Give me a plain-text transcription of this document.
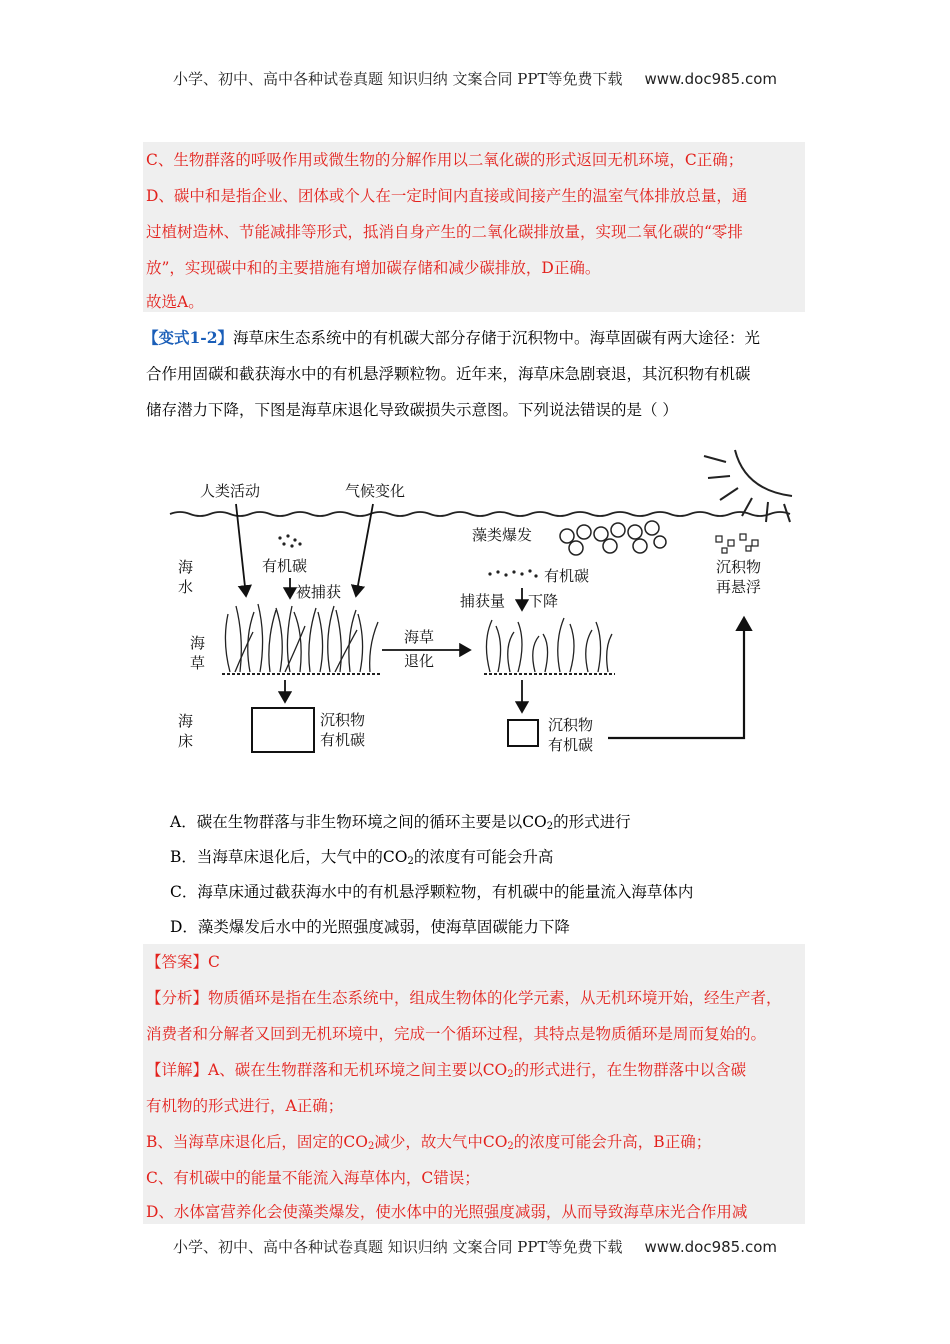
小学、初中、高中各种试卷真题 知识归纳 文案合同 PPT等免费下载 www.doc985.com
C、生物群落的呼吸作用或微生物的分解作用以二氧化碳的形式返回无机环境，C正确；
D、碳中和是指企业、团体或个人在一定时间内直接或间接产生的温室气体排放总量，通
过植树造林、节能减排等形式，抵消自身产生的二氧化碳排放量，实现二氧化碳的“零排
放”，实现碳中和的主要措施有增加碳存储和减少碳排放，D正确。
故选A。
【变式1-2】海草床生态系统中的有机碳大部分存储于沉积物中。海草固碳有两大途径：光
合作用固碳和截获海水中的有机悬浮颗粒物。近年来，海草床急剧衰退，其沉积物有机碳
储存潜力下降，下图是海草床退化导致碳损失示意图。下列说法错误的是（ ）
人类活动	气候变化
藻类爆发
海
水
海
草
海
床
有机碳
被捕获
沉积物
有机碳
海草
退化
有机碳
捕获量 下降
沉积物
有机碳
沉积物
再悬浮
A．碳在生物群落与非生物环境之间的循环主要是以$CO_2$的形式进行
B．当海草床退化后，大气中的$CO_2$的浓度有可能会升高
C．海草床通过截获海水中的有机悬浮颗粒物，有机碳中的能量流入海草体内
D．藻类爆发后水中的光照强度减弱，使海草固碳能力下降
【答案】C
【分析】物质循环是指在生态系统中，组成生物体的化学元素，从无机环境开始，经生产者，
消费者和分解者又回到无机环境中，完成一个循环过程，其特点是物质循环是周而复始的。
【详解】A、碳在生物群落和无机环境之间主要以$CO_2$的形式进行，在生物群落中以含碳
有机物的形式进行，A正确；
B、当海草床退化后，固定的$CO_2$减少，故大气中$CO_2$的浓度可能会升高，B正确；
C、有机碳中的能量不能流入海草体内，C错误；
D、水体富营养化会使藻类爆发，使水体中的光照强度减弱，从而导致海草床光合作用减
小学、初中、高中各种试卷真题 知识归纳 文案合同 PPT等免费下载 www.doc985.com
